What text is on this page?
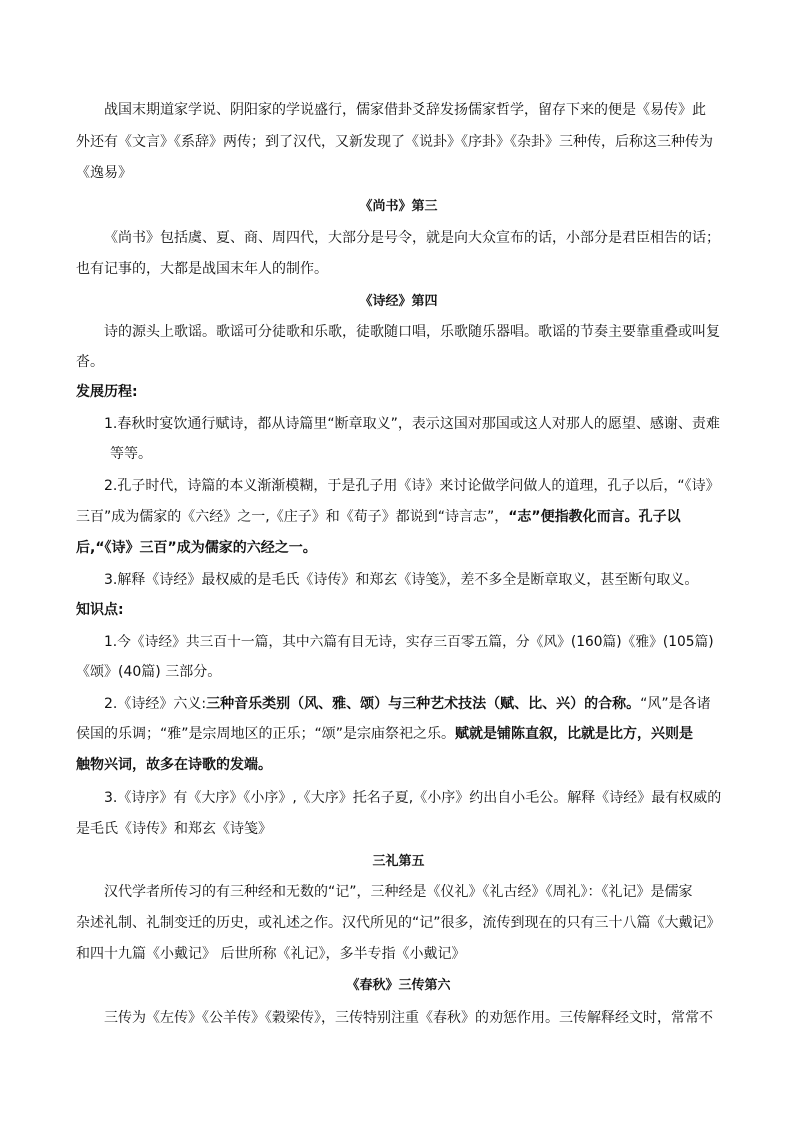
战国末期道家学说、阴阳家的学说盛行，儒家借卦爻辞发扬儒家哲学，留存下来的便是《易传》此
外还有《文言》《系辞》两传；到了汉代，又新发现了《说卦》《序卦》《杂卦》三种传，后称这三种传为
《逸易》
《尚书》第三
《尚书》包括虞、夏、商、周四代，大部分是号令，就是向大众宣布的话，小部分是君臣相告的话；
也有记事的，大都是战国末年人的制作。
《诗经》第四
诗的源头上歌谣。歌谣可分徒歌和乐歌，徒歌随口唱，乐歌随乐器唱。歌谣的节奏主要靠重叠或叫复
沓。
发展历程:
1.春秋时宴饮通行赋诗，都从诗篇里“断章取义”，表示这国对那国或这人对那人的愿望、感谢、责难
等等。
2.孔子时代，诗篇的本义渐渐模糊，于是孔子用《诗》来讨论做学问做人的道理，孔子以后，“《诗》
三百”成为儒家的《六经》之一,《庄子》和《荀子》都说到“诗言志”，“志”便指教化而言。孔子以
后,“《诗》三百”成为儒家的六经之一。
3.解释《诗经》最权威的是毛氏《诗传》和郑玄《诗笺》，差不多全是断章取义，甚至断句取义。
知识点:
1.今《诗经》共三百十一篇，其中六篇有目无诗，实存三百零五篇，分《风》(160篇)《雅》(105篇)
《颂》(40篇) 三部分。
2.《诗经》六义:三种音乐类别（风、雅、颂）与三种艺术技法（赋、比、兴）的合称。“风”是各诸
侯国的乐调；“雅”是宗周地区的正乐；“颂”是宗庙祭祀之乐。赋就是铺陈直叙，比就是比方，兴则是
触物兴词，故多在诗歌的发端。
3.《诗序》有《大序》《小序》,《大序》托名子夏,《小序》约出自小毛公。解释《诗经》最有权威的
是毛氏《诗传》和郑玄《诗笺》
三礼第五
汉代学者所传习的有三种经和无数的“记”，三种经是《仪礼》《礼古经》《周礼》：《礼记》是儒家
杂述礼制、礼制变迁的历史，或礼述之作。汉代所见的“记”很多，流传到现在的只有三十八篇《大戴记》
和四十九篇《小戴记》 后世所称《礼记》，多半专指《小戴记》
《春秋》三传第六
三传为《左传》《公羊传》《穀梁传》，三传特别注重《春秋》的劝惩作用。三传解释经文时，常常不
